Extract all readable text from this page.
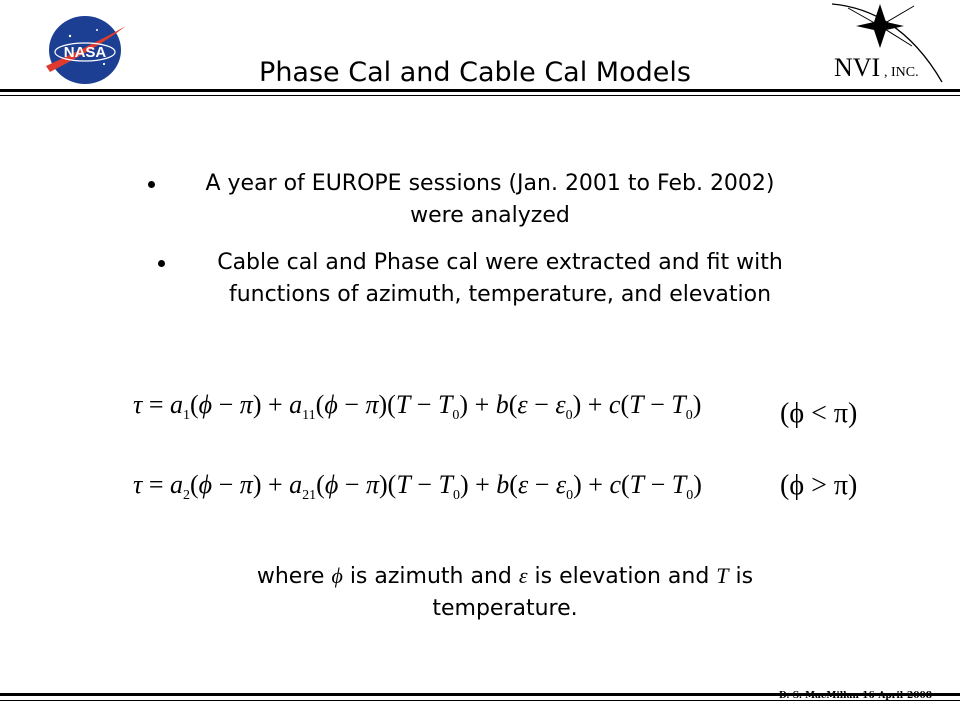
NASA
NVI , INC.
Phase Cal and Cable Cal Models
A year of EUROPE sessions (Jan. 2001 to Feb. 2002)
were analyzed
Cable cal and Phase cal were extracted and fit with
functions of azimuth, temperature, and elevation
$\tau = a_1(\phi - \pi) + a_{11}(\phi - \pi)(T - T_0) + b(\varepsilon - \varepsilon_0) + c(T - T_0)$	(ϕ < π)
$\tau = a_2(\phi - \pi) + a_{21}(\phi - \pi)(T - T_0) + b(\varepsilon - \varepsilon_0) + c(T - T_0)$	(ϕ > π)
where ϕ is azimuth and ε is elevation and T is
temperature.
D. S. MacMillan 16-April-2008
